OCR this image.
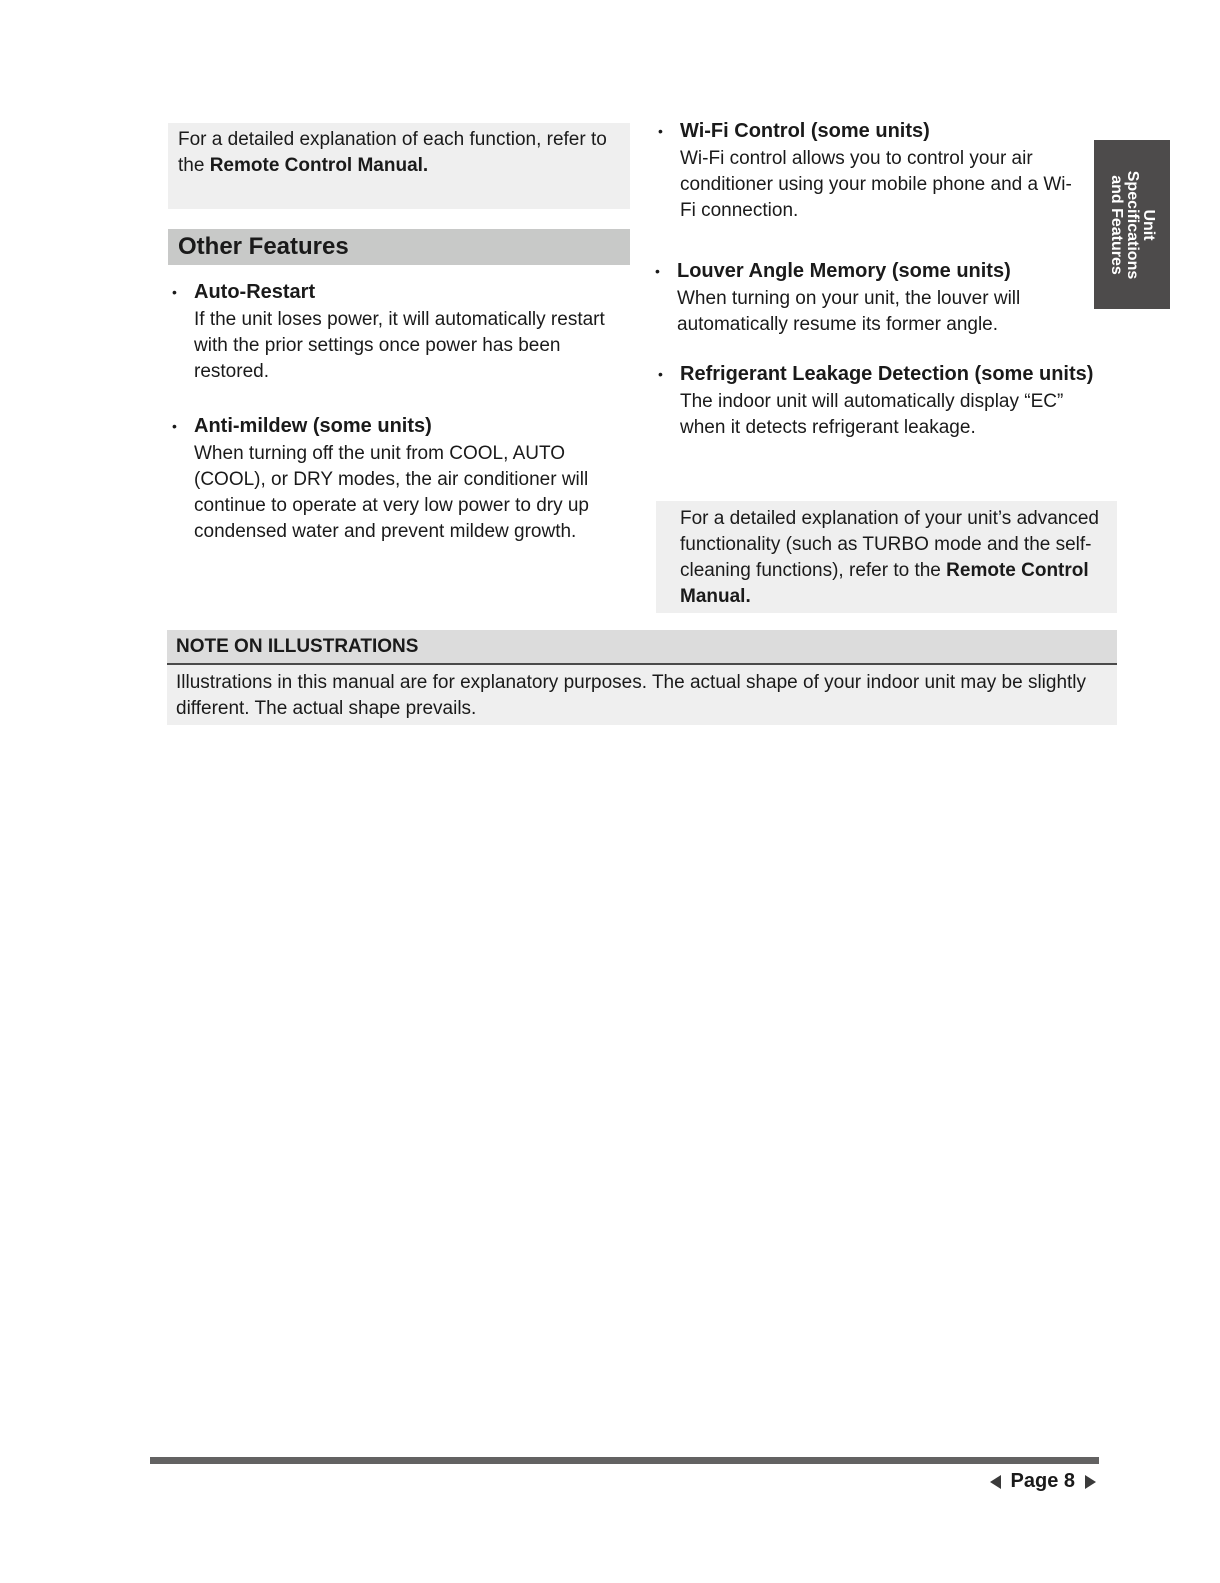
Unit
Specifications
and Features
For a detailed explanation of each function, refer to the Remote Control Manual.
Other Features
• Auto-Restart
If the unit loses power, it will automatically restart with the prior settings once power has been restored.
• Anti-mildew (some units)
When turning off the unit from COOL, AUTO (COOL), or DRY modes, the air conditioner will continue to operate at very low power to dry up condensed water and prevent mildew growth.
• Wi-Fi Control (some units)
Wi-Fi control allows you to control your air conditioner using your mobile phone and a Wi-Fi connection.
• Louver Angle Memory (some units)
When turning on your unit, the louver will automatically resume its former angle.
• Refrigerant Leakage Detection (some units)
The indoor unit will automatically display “EC” when it detects refrigerant leakage.
For a detailed explanation of your unit’s advanced functionality (such as TURBO mode and the self-cleaning functions), refer to the Remote Control Manual.
NOTE ON ILLUSTRATIONS
Illustrations in this manual are for explanatory purposes. The actual shape of your indoor unit may be slightly different. The actual shape prevails.
Page 8
